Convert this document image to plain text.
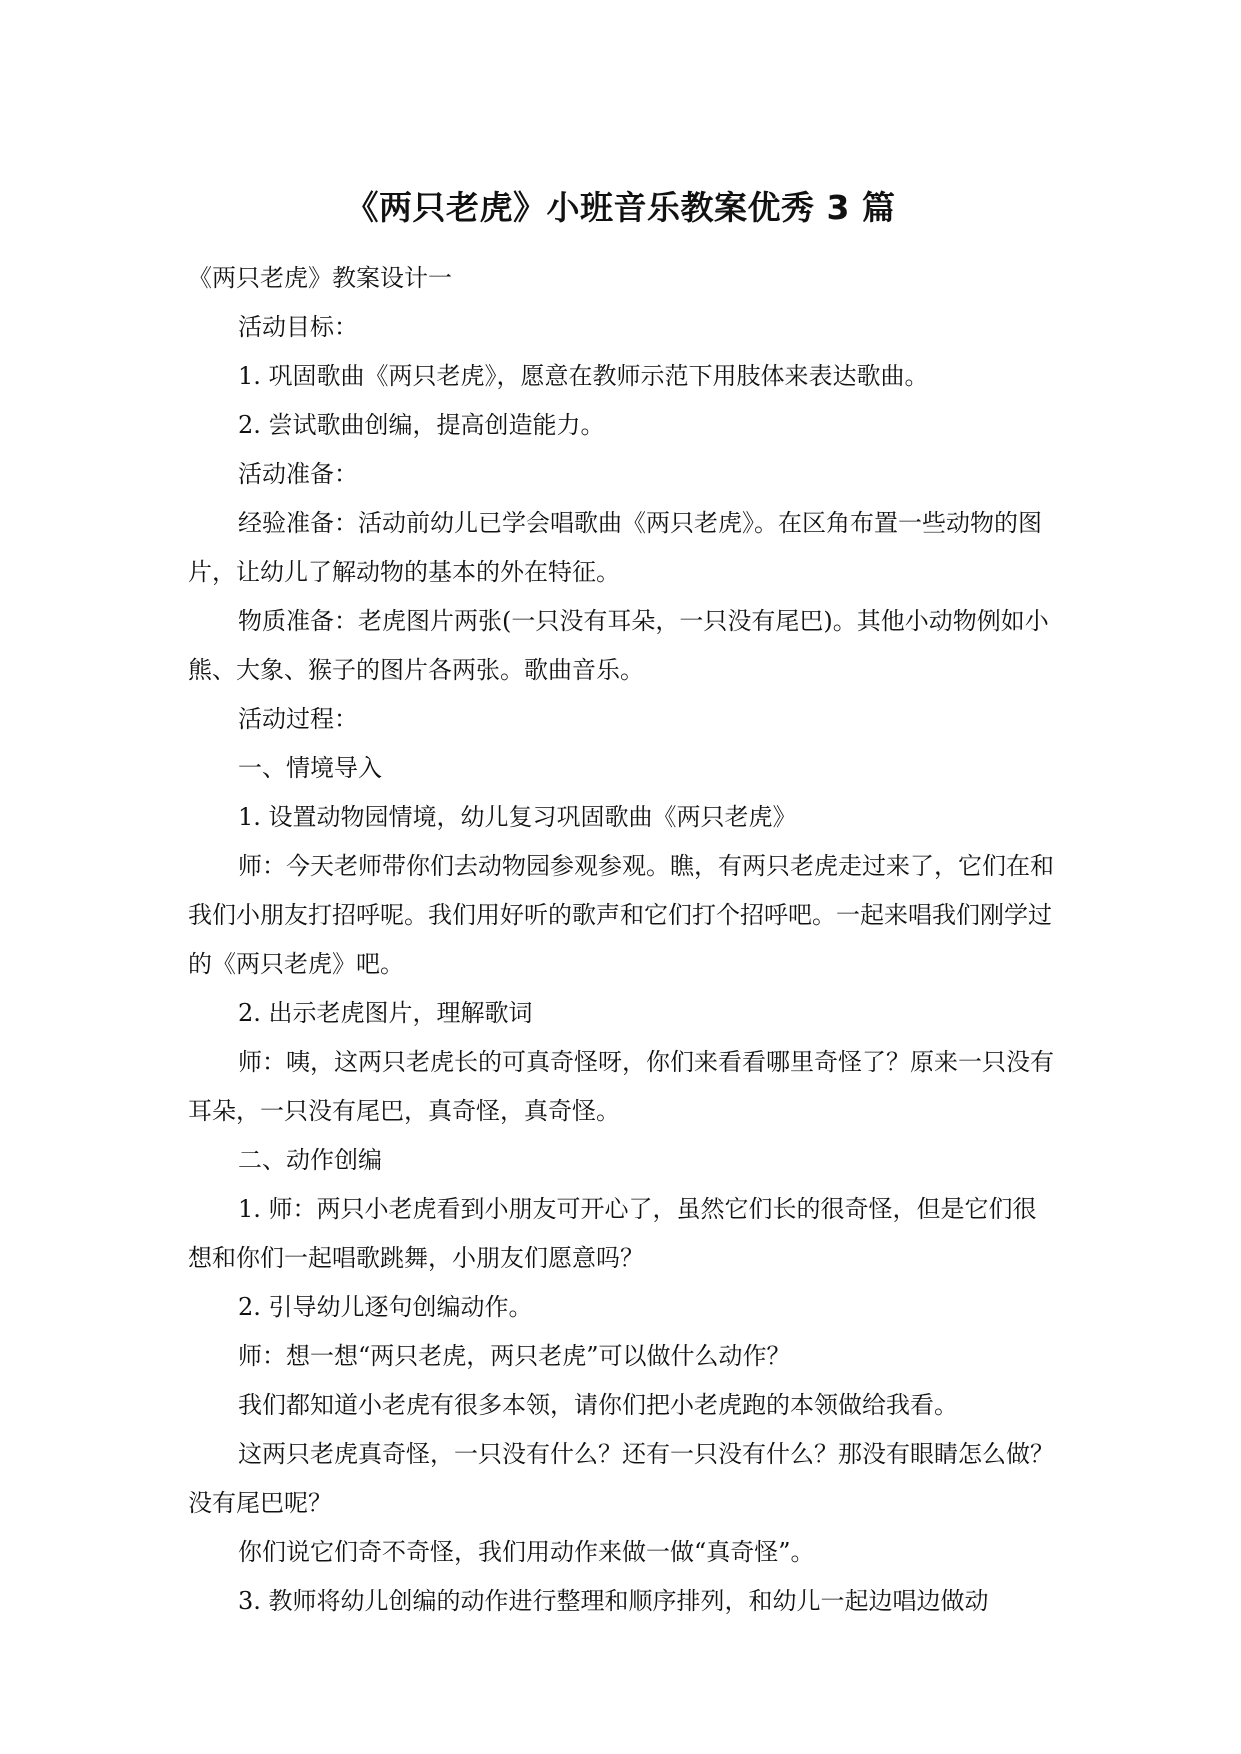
《两只老虎》小班音乐教案优秀 3 篇

《两只老虎》教案设计一

活动目标：

1. 巩固歌曲《两只老虎》，愿意在教师示范下用肢体来表达歌曲。

2. 尝试歌曲创编，提高创造能力。

活动准备：

经验准备：活动前幼儿已学会唱歌曲《两只老虎》。在区角布置一些动物的图片，让幼儿了解动物的基本的外在特征。

物质准备：老虎图片两张(一只没有耳朵，一只没有尾巴)。其他小动物例如小熊、大象、猴子的图片各两张。歌曲音乐。

活动过程：

一、情境导入

1. 设置动物园情境，幼儿复习巩固歌曲《两只老虎》

师：今天老师带你们去动物园参观参观。瞧，有两只老虎走过来了，它们在和我们小朋友打招呼呢。我们用好听的歌声和它们打个招呼吧。一起来唱我们刚学过的《两只老虎》吧。

2. 出示老虎图片，理解歌词

师：咦，这两只老虎长的可真奇怪呀，你们来看看哪里奇怪了？原来一只没有耳朵，一只没有尾巴，真奇怪，真奇怪。

二、动作创编

1. 师：两只小老虎看到小朋友可开心了，虽然它们长的很奇怪，但是它们很想和你们一起唱歌跳舞，小朋友们愿意吗？

2. 引导幼儿逐句创编动作。

师：想一想“两只老虎，两只老虎”可以做什么动作？

我们都知道小老虎有很多本领，请你们把小老虎跑的本领做给我看。

这两只老虎真奇怪，一只没有什么？还有一只没有什么？那没有眼睛怎么做？没有尾巴呢？

你们说它们奇不奇怪，我们用动作来做一做“真奇怪”。

3. 教师将幼儿创编的动作进行整理和顺序排列，和幼儿一起边唱边做动
